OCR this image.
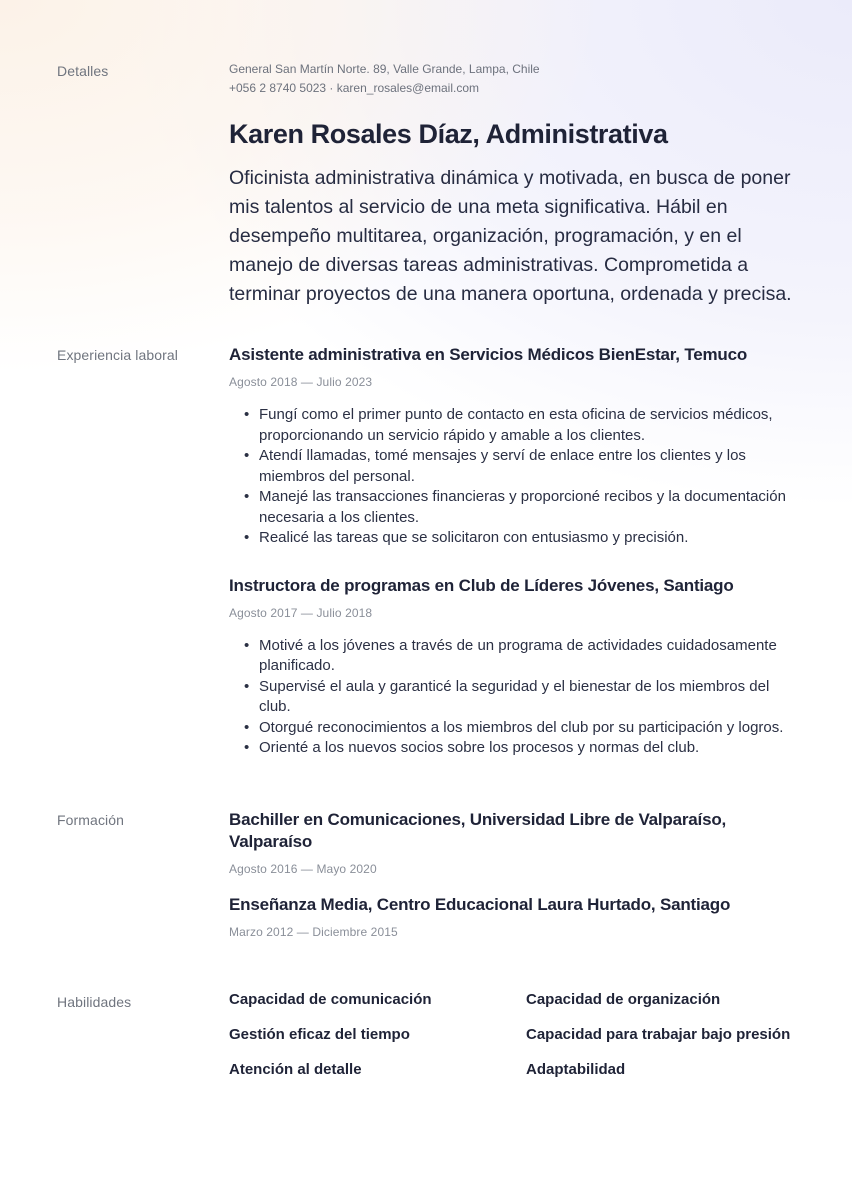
Detalles	General San Martín Norte. 89, Valle Grande, Lampa, Chile
+056 2 8740 5023 · karen_rosales@email.com
Karen Rosales Díaz, Administrativa
Oficinista administrativa dinámica y motivada, en busca de poner mis talentos al servicio de una meta significativa. Hábil en desempeño multitarea, organización, programación, y en el manejo de diversas tareas administrativas. Comprometida a terminar proyectos de una manera oportuna, ordenada y precisa.
Experiencia laboral	Asistente administrativa en Servicios Médicos BienEstar, Temuco
Agosto 2018 — Julio 2023
• Fungí como el primer punto de contacto en esta oficina de servicios médicos, proporcionando un servicio rápido y amable a los clientes.
• Atendí llamadas, tomé mensajes y serví de enlace entre los clientes y los miembros del personal.
• Manejé las transacciones financieras y proporcioné recibos y la documentación necesaria a los clientes.
• Realicé las tareas que se solicitaron con entusiasmo y precisión.
Instructora de programas en Club de Líderes Jóvenes, Santiago
Agosto 2017 — Julio 2018
• Motivé a los jóvenes a través de un programa de actividades cuidadosamente planificado.
• Supervisé el aula y garanticé la seguridad y el bienestar de los miembros del club.
• Otorgué reconocimientos a los miembros del club por su participación y logros.
• Orienté a los nuevos socios sobre los procesos y normas del club.
Formación	Bachiller en Comunicaciones, Universidad Libre de Valparaíso, Valparaíso
Agosto 2016 — Mayo 2020
Enseñanza Media, Centro Educacional Laura Hurtado, Santiago
Marzo 2012 — Diciembre 2015
Habilidades	Capacidad de comunicación	Capacidad de organización
Gestión eficaz del tiempo	Capacidad para trabajar bajo presión
Atención al detalle	Adaptabilidad
